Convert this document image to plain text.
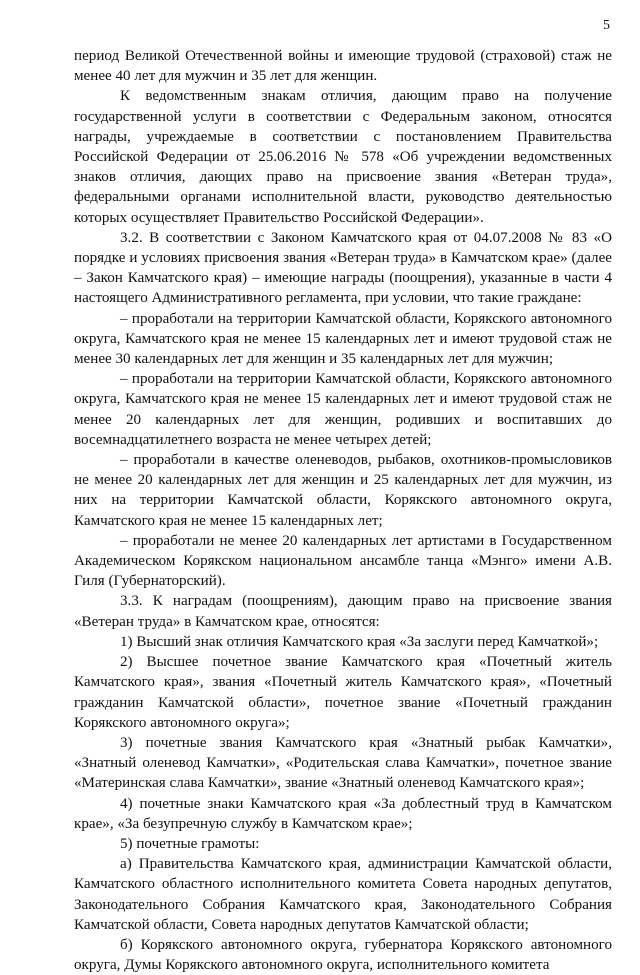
5

период Великой Отечественной войны и имеющие трудовой (страховой) стаж не менее 40 лет для мужчин и 35 лет для женщин.

К ведомственным знакам отличия, дающим право на получение государственной услуги в соответствии с Федеральным законом, относятся награды, учреждаемые в соответствии с постановлением Правительства Российской Федерации от 25.06.2016 № 578 «Об учреждении ведомственных знаков отличия, дающих право на присвоение звания «Ветеран труда», федеральными органами исполнительной власти, руководство деятельностью которых осуществляет Правительство Российской Федерации».

3.2. В соответствии с Законом Камчатского края от 04.07.2008 № 83 «О порядке и условиях присвоения звания «Ветеран труда» в Камчатском крае» (далее – Закон Камчатского края) – имеющие награды (поощрения), указанные в части 4 настоящего Административного регламента, при условии, что такие граждане:

– проработали на территории Камчатской области, Корякского автономного округа, Камчатского края не менее 15 календарных лет и имеют трудовой стаж не менее 30 календарных лет для женщин и 35 календарных лет для мужчин;

– проработали на территории Камчатской области, Корякского автономного округа, Камчатского края не менее 15 календарных лет и имеют трудовой стаж не менее 20 календарных лет для женщин, родивших и воспитавших до восемнадцатилетнего возраста не менее четырех детей;

– проработали в качестве оленеводов, рыбаков, охотников-промысловиков не менее 20 календарных лет для женщин и 25 календарных лет для мужчин, из них на территории Камчатской области, Корякского автономного округа, Камчатского края не менее 15 календарных лет;

– проработали не менее 20 календарных лет артистами в Государственном Академическом Корякском национальном ансамбле танца «Мэнго» имени А.В. Гиля (Губернаторский).

3.3. К наградам (поощрениям), дающим право на присвоение звания «Ветеран труда» в Камчатском крае, относятся:

1) Высший знак отличия Камчатского края «За заслуги перед Камчаткой»;

2) Высшее почетное звание Камчатского края «Почетный житель Камчатского края», звания «Почетный житель Камчатского края», «Почетный гражданин Камчатской области», почетное звание «Почетный гражданин Корякского автономного округа»;

3) почетные звания Камчатского края «Знатный рыбак Камчатки», «Знатный оленевод Камчатки», «Родительская слава Камчатки», почетное звание «Материнская слава Камчатки», звание «Знатный оленевод Камчатского края»;

4) почетные знаки Камчатского края «За доблестный труд в Камчатском крае», «За безупречную службу в Камчатском крае»;

5) почетные грамоты:

а) Правительства Камчатского края, администрации Камчатской области, Камчатского областного исполнительного комитета Совета народных депутатов, Законодательного Собрания Камчатского края, Законодательного Собрания Камчатской области, Совета народных депутатов Камчатской области;

б) Корякского автономного округа, губернатора Корякского автономного округа, Думы Корякского автономного округа, исполнительного комитета
